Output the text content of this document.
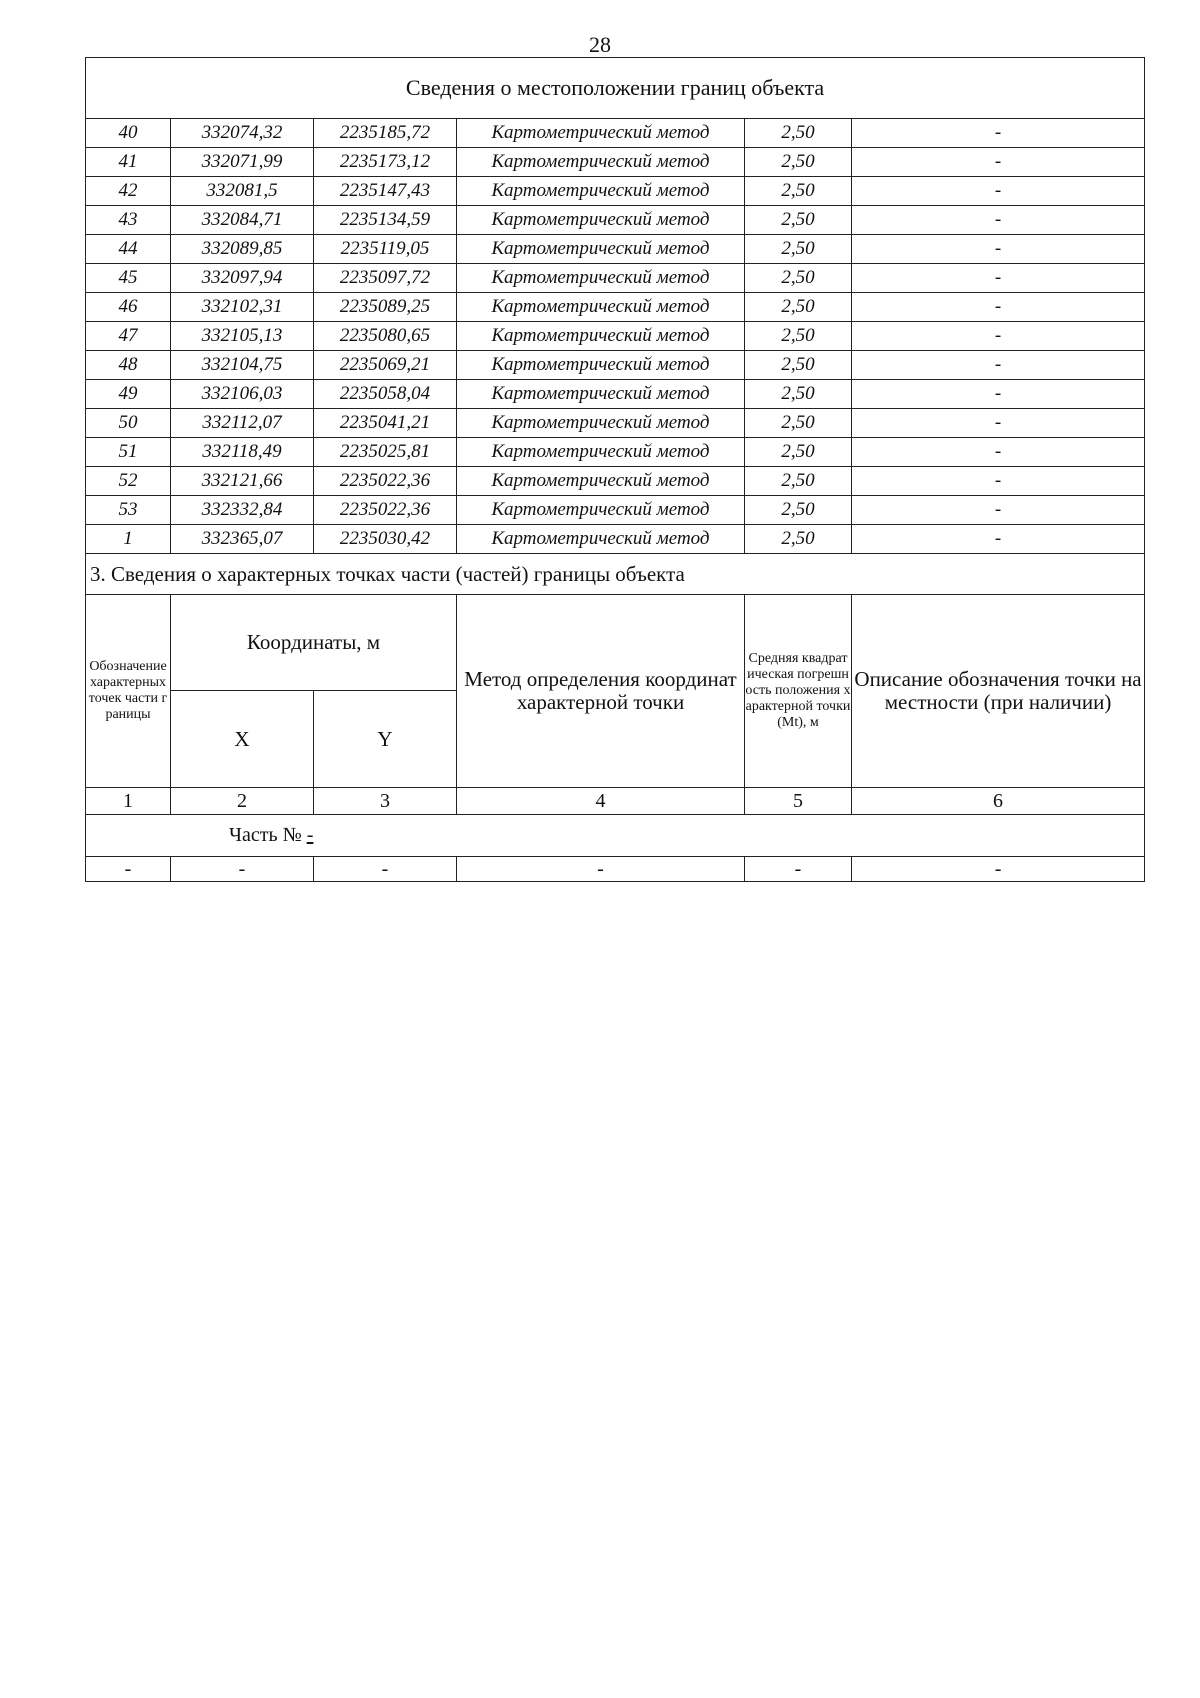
28
Сведения о местоположении границ объекта					
40	332074,32	2235185,72	Картометрический метод	2,50	-
41	332071,99	2235173,12	Картометрический метод	2,50	-
42	332081,5	2235147,43	Картометрический метод	2,50	-
43	332084,71	2235134,59	Картометрический метод	2,50	-
44	332089,85	2235119,05	Картометрический метод	2,50	-
45	332097,94	2235097,72	Картометрический метод	2,50	-
46	332102,31	2235089,25	Картометрический метод	2,50	-
47	332105,13	2235080,65	Картометрический метод	2,50	-
48	332104,75	2235069,21	Картометрический метод	2,50	-
49	332106,03	2235058,04	Картометрический метод	2,50	-
50	332112,07	2235041,21	Картометрический метод	2,50	-
51	332118,49	2235025,81	Картометрический метод	2,50	-
52	332121,66	2235022,36	Картометрический метод	2,50	-
53	332332,84	2235022,36	Картометрический метод	2,50	-
1	332365,07	2235030,42	Картометрический метод	2,50	-
3. Сведения о характерных точках части (частей) границы объекта					
Обозначение характерных точек части границы	Координаты, м		Метод определения координат характерной точки	Средняя квадратическая погрешность положения характерной точки (Mt), м	Описание обозначения точки на местности (при наличии)
	X	Y			
1	2	3	4	5	6
Часть № -					
-	-	-	-	-	-
